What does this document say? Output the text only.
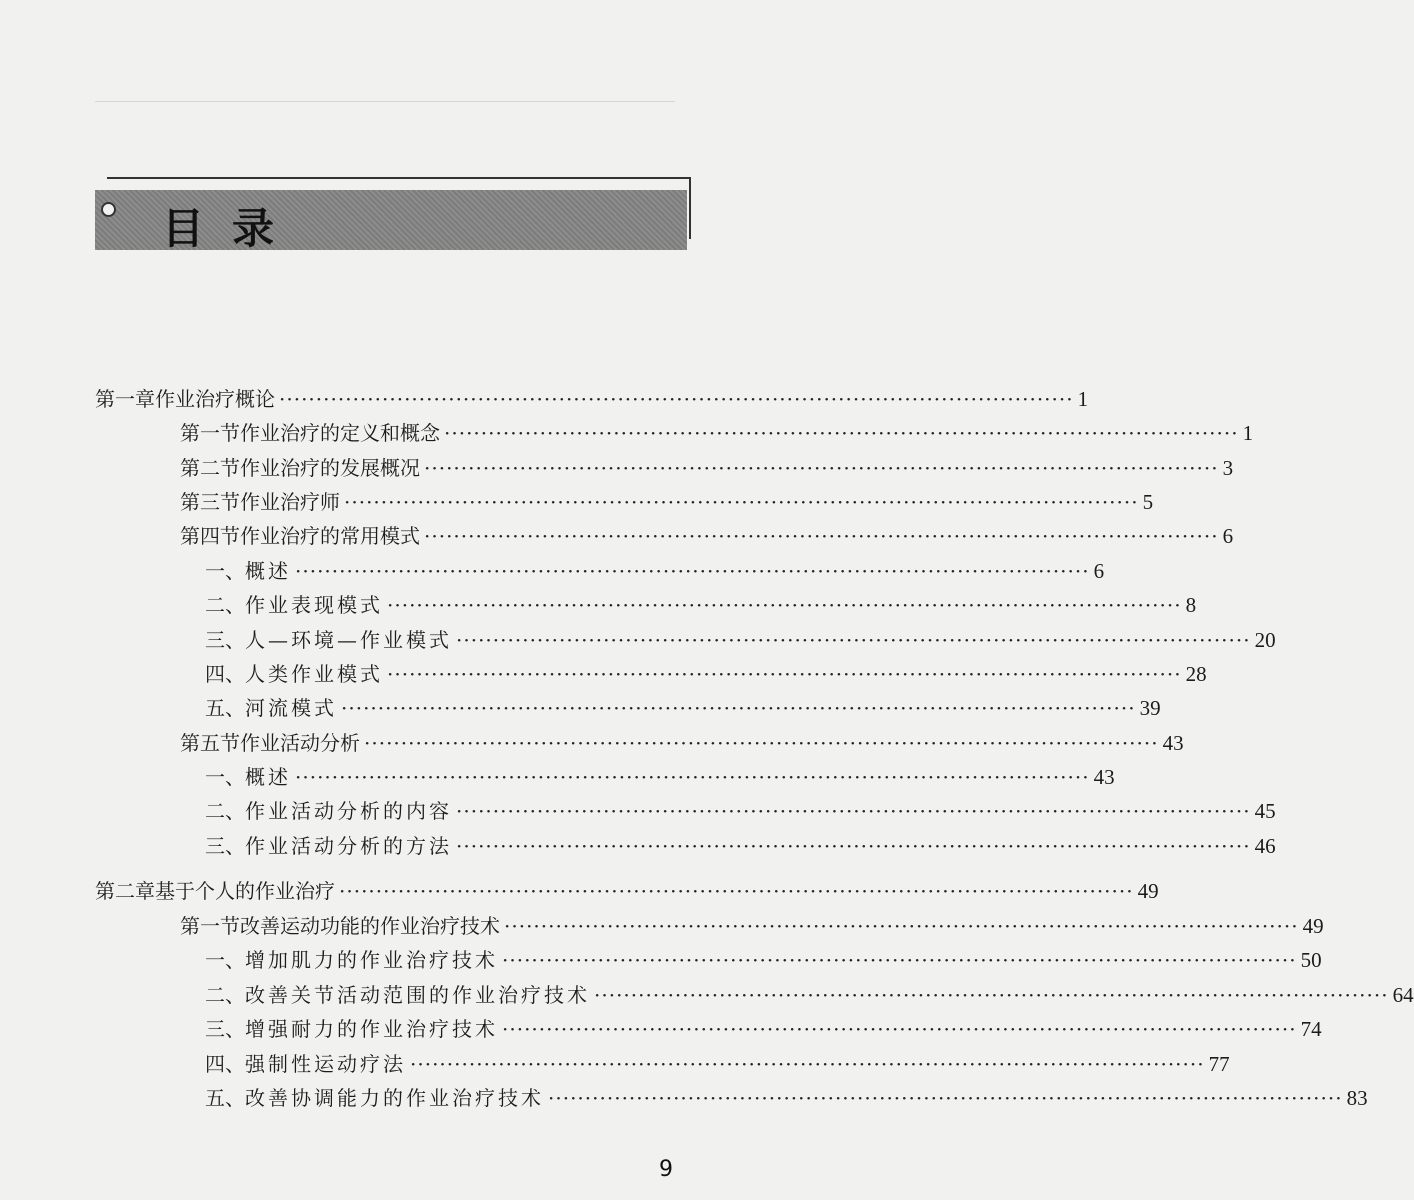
目录
第一章 作业治疗概论 ············································································································ 1
第一节 作业治疗的定义和概念 ············································································································ 1
第二节 作业治疗的发展概况 ············································································································ 3
第三节 作业治疗师 ············································································································ 5
第四节 作业治疗的常用模式 ············································································································ 6
一、 概述 ············································································································ 6
二、 作业表现模式 ············································································································ 8
三、 人—环境—作业模式 ············································································································ 20
四、 人类作业模式 ············································································································ 28
五、 河流模式 ············································································································ 39
第五节 作业活动分析 ············································································································ 43
一、 概述 ············································································································ 43
二、 作业活动分析的内容 ············································································································ 45
三、 作业活动分析的方法 ············································································································ 46
第二章 基于个人的作业治疗 ············································································································ 49
第一节 改善运动功能的作业治疗技术 ············································································································ 49
一、 增加肌力的作业治疗技术 ············································································································ 50
二、 改善关节活动范围的作业治疗技术 ············································································································ 64
三、 增强耐力的作业治疗技术 ············································································································ 74
四、 强制性运动疗法 ············································································································ 77
五、 改善协调能力的作业治疗技术 ············································································································ 83
9
